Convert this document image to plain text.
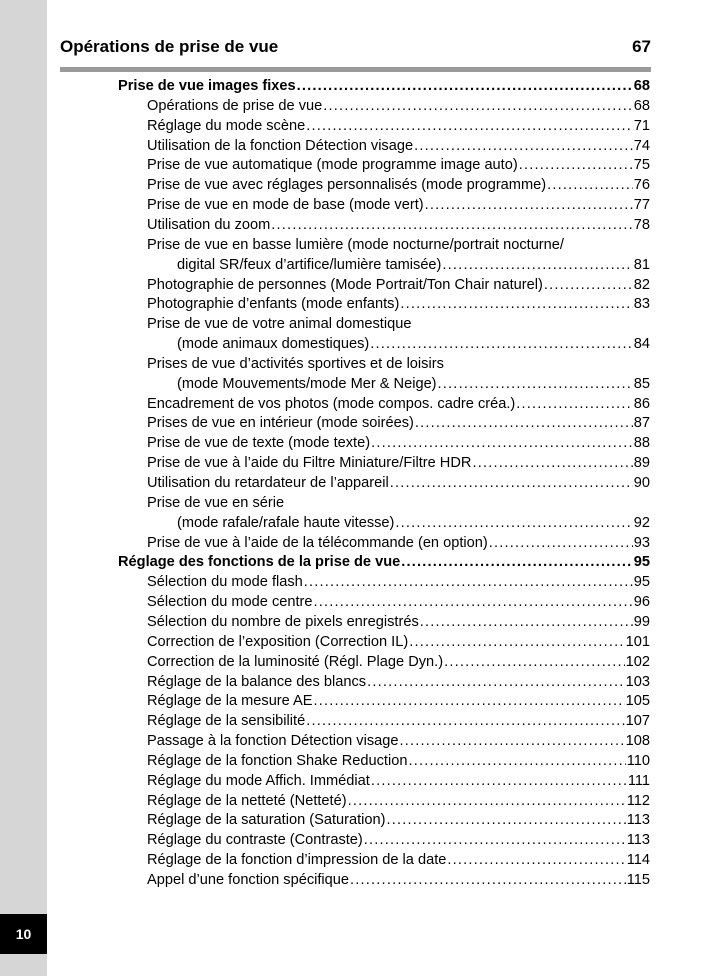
10
Opérations de prise de vue	67
Prise de vue images fixes .....	68
Opérations de prise de vue .....	68
Réglage du mode scène .....	71
Utilisation de la fonction Détection visage .....	74
Prise de vue automatique (mode programme image auto) .....	75
Prise de vue avec réglages personnalisés (mode programme) .....	76
Prise de vue en mode de base (mode vert) .....	77
Utilisation du zoom .....	78
Prise de vue en basse lumière (mode nocturne/portrait nocturne/
digital SR/feux d’artifice/lumière tamisée) .....	81
Photographie de personnes (Mode Portrait/Ton Chair naturel) .....	82
Photographie d’enfants (mode enfants) .....	83
Prise de vue de votre animal domestique
(mode animaux domestiques) .....	84
Prises de vue d’activités sportives et de loisirs
(mode Mouvements/mode Mer & Neige) .....	85
Encadrement de vos photos (mode compos. cadre créa.) .....	86
Prises de vue en intérieur (mode soirées) .....	87
Prise de vue de texte (mode texte) .....	88
Prise de vue à l’aide du Filtre Miniature/Filtre HDR .....	89
Utilisation du retardateur de l’appareil .....	90
Prise de vue en série
(mode rafale/rafale haute vitesse) .....	92
Prise de vue à l’aide de la télécommande (en option) .....	93
Réglage des fonctions de la prise de vue .....	95
Sélection du mode flash .....	95
Sélection du mode centre .....	96
Sélection du nombre de pixels enregistrés .....	99
Correction de l’exposition (Correction IL) .....	101
Correction de la luminosité (Régl. Plage Dyn.) .....	102
Réglage de la balance des blancs .....	103
Réglage de la mesure AE .....	105
Réglage de la sensibilité .....	107
Passage à la fonction Détection visage .....	108
Réglage de la fonction Shake Reduction .....	110
Réglage du mode Affich. Immédiat .....	111
Réglage de la netteté (Netteté) .....	112
Réglage de la saturation (Saturation) .....	113
Réglage du contraste (Contraste) .....	113
Réglage de la fonction d’impression de la date .....	114
Appel d’une fonction spécifique .....	115
